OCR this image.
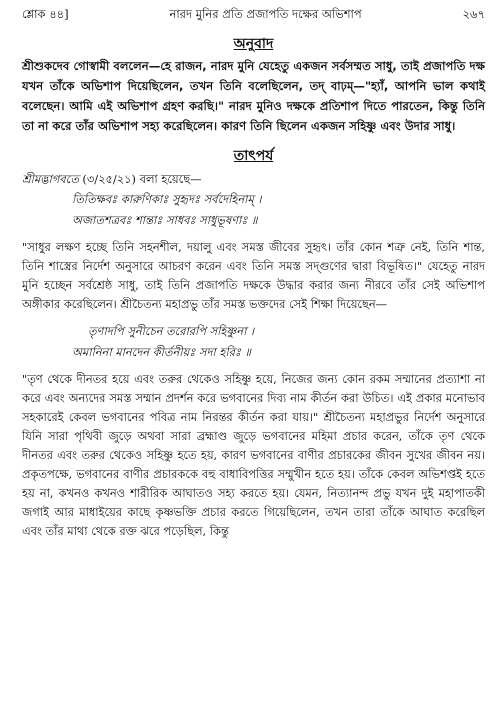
শ্লোক ৪৪]	নারদ মুনির প্রতি প্রজাপতি দক্ষের অভিশাপ	২৬৭
অনুবাদ

শ্রীশুকদেব গোস্বামী বললেন—হে রাজন, নারদ মুনি যেহেতু একজন সর্বসম্মত সাধু, তাই প্রজাপতি দক্ষ যখন তাঁকে অভিশাপ দিয়েছিলেন, তখন তিনি বলেছিলেন, তদ্ বাঢ়ম্—"হ্যাঁ, আপনি ভাল কথাই বলেছেন। আমি এই অভিশাপ গ্রহণ করছি।" নারদ মুনিও দক্ষকে প্রতিশাপ দিতে পারতেন, কিন্তু তিনি তা না করে তাঁর অভিশাপ সহ্য করেছিলেন। কারণ তিনি ছিলেন একজন সহিষ্ণু এবং উদার সাধু।

তাৎপর্য

শ্রীমদ্ভাগবতে (৩/২৫/২১) বলা হয়েছে—

তিতিক্ষবঃ কারুণিকাঃ সুহৃদঃ সর্বদেহিনাম্ ।
অজাতশত্রবঃ শান্তাঃ সাধবঃ সাধুভূষণাঃ ॥

"সাধুর লক্ষণ হচ্ছে তিনি সহনশীল, দয়ালু এবং সমস্ত জীবের সুহৃৎ। তাঁর কোন শত্রু নেই, তিনি শান্ত, তিনি শাস্ত্রের নির্দেশ অনুসারে আচরণ করেন এবং তিনি সমস্ত সদ্গুণের দ্বারা বিভূষিত।" যেহেতু নারদ মুনি হচ্ছেন সর্বশ্রেষ্ঠ সাধু, তাই তিনি প্রজাপতি দক্ষকে উদ্ধার করার জন্য নীরবে তাঁর সেই অভিশাপ অঙ্গীকার করেছিলেন। শ্রীচৈতন্য মহাপ্রভু তাঁর সমস্ত ভক্তদের সেই শিক্ষা দিয়েছেন—

তৃণাদপি সুনীচেন তরোরপি সহিষ্ণুনা ।
অমানিনা মানদেন কীর্তনীয়ঃ সদা হরিঃ ॥

"তৃণ থেকে দীনতর হয়ে এবং তরুর থেকেও সহিষ্ণু হয়ে, নিজের জন্য কোন রকম সম্মানের প্রত্যাশা না করে এবং অন্যদের সমস্ত সম্মান প্রদর্শন করে ভগবানের দিব্য নাম কীর্তন করা উচিত। এই প্রকার মনোভাব সহকারেই কেবল ভগবানের পবিত্র নাম নিরন্তর কীর্তন করা যায়।" শ্রীচৈতন্য মহাপ্রভুর নির্দেশ অনুসারে যিনি সারা পৃথিবী জুড়ে অথবা সারা ব্রহ্মাণ্ড জুড়ে ভগবানের মহিমা প্রচার করেন, তাঁকে তৃণ থেকে দীনতর এবং তরুর থেকেও সহিষ্ণু হতে হয়, কারণ ভগবানের বাণীর প্রচারকের জীবন সুখের জীবন নয়। প্রকৃতপক্ষে, ভগবানের বাণীর প্রচারককে বহু বাধাবিপত্তির সম্মুখীন হতে হয়। তাঁকে কেবল অভিশপ্তই হতে হয় না, কখনও কখনও শারীরিক আঘাতও সহ্য করতে হয়। যেমন, নিত্যানন্দ প্রভু যখন দুই মহাপাতকী জগাই আর মাধাইয়ের কাছে কৃষ্ণভক্তি প্রচার করতে গিয়েছিলেন, তখন তারা তাঁকে আঘাত করেছিল এবং তাঁর মাথা থেকে রক্ত ঝরে পড়েছিল, কিন্তু
